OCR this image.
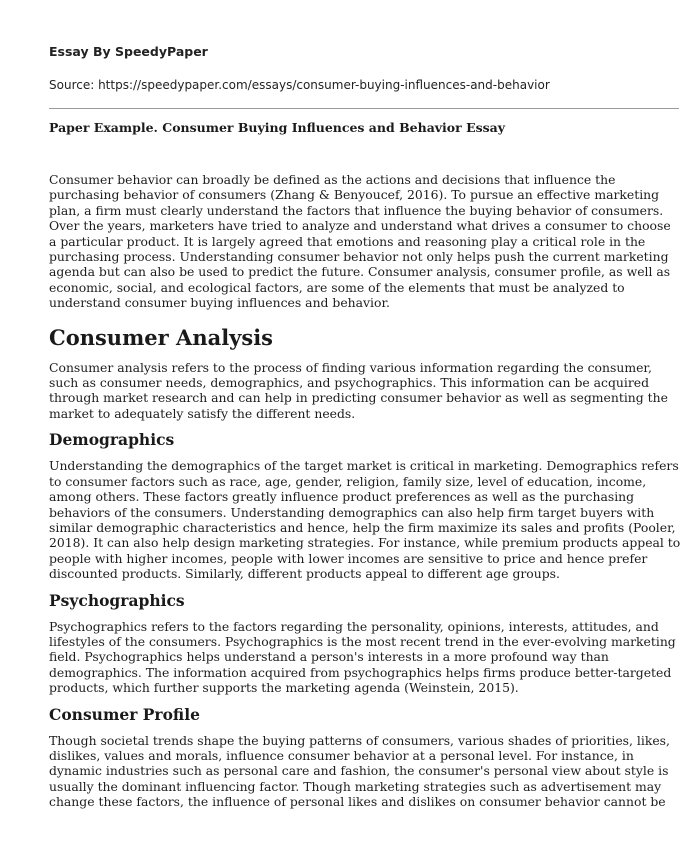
Essay By SpeedyPaper

Source: https://speedypaper.com/essays/consumer-buying-influences-and-behavior

Paper Example. Consumer Buying Influences and Behavior Essay

Consumer behavior can broadly be defined as the actions and decisions that influence the purchasing behavior of consumers (Zhang & Benyoucef, 2016). To pursue an effective marketing plan, a firm must clearly understand the factors that influence the buying behavior of consumers. Over the years, marketers have tried to analyze and understand what drives a consumer to choose a particular product. It is largely agreed that emotions and reasoning play a critical role in the purchasing process. Understanding consumer behavior not only helps push the current marketing agenda but can also be used to predict the future. Consumer analysis, consumer profile, as well as economic, social, and ecological factors, are some of the elements that must be analyzed to understand consumer buying influences and behavior.

Consumer Analysis

Consumer analysis refers to the process of finding various information regarding the consumer, such as consumer needs, demographics, and psychographics. This information can be acquired through market research and can help in predicting consumer behavior as well as segmenting the market to adequately satisfy the different needs.

Demographics

Understanding the demographics of the target market is critical in marketing. Demographics refers to consumer factors such as race, age, gender, religion, family size, level of education, income, among others. These factors greatly influence product preferences as well as the purchasing behaviors of the consumers. Understanding demographics can also help firm target buyers with similar demographic characteristics and hence, help the firm maximize its sales and profits (Pooler, 2018). It can also help design marketing strategies. For instance, while premium products appeal to people with higher incomes, people with lower incomes are sensitive to price and hence prefer discounted products. Similarly, different products appeal to different age groups.

Psychographics

Psychographics refers to the factors regarding the personality, opinions, interests, attitudes, and lifestyles of the consumers. Psychographics is the most recent trend in the ever-evolving marketing field. Psychographics helps understand a person's interests in a more profound way than demographics. The information acquired from psychographics helps firms produce better-targeted products, which further supports the marketing agenda (Weinstein, 2015).

Consumer Profile

Though societal trends shape the buying patterns of consumers, various shades of priorities, likes, dislikes, values and morals, influence consumer behavior at a personal level. For instance, in dynamic industries such as personal care and fashion, the consumer's personal view about style is usually the dominant influencing factor. Though marketing strategies such as advertisement may change these factors, the influence of personal likes and dislikes on consumer behavior cannot be
